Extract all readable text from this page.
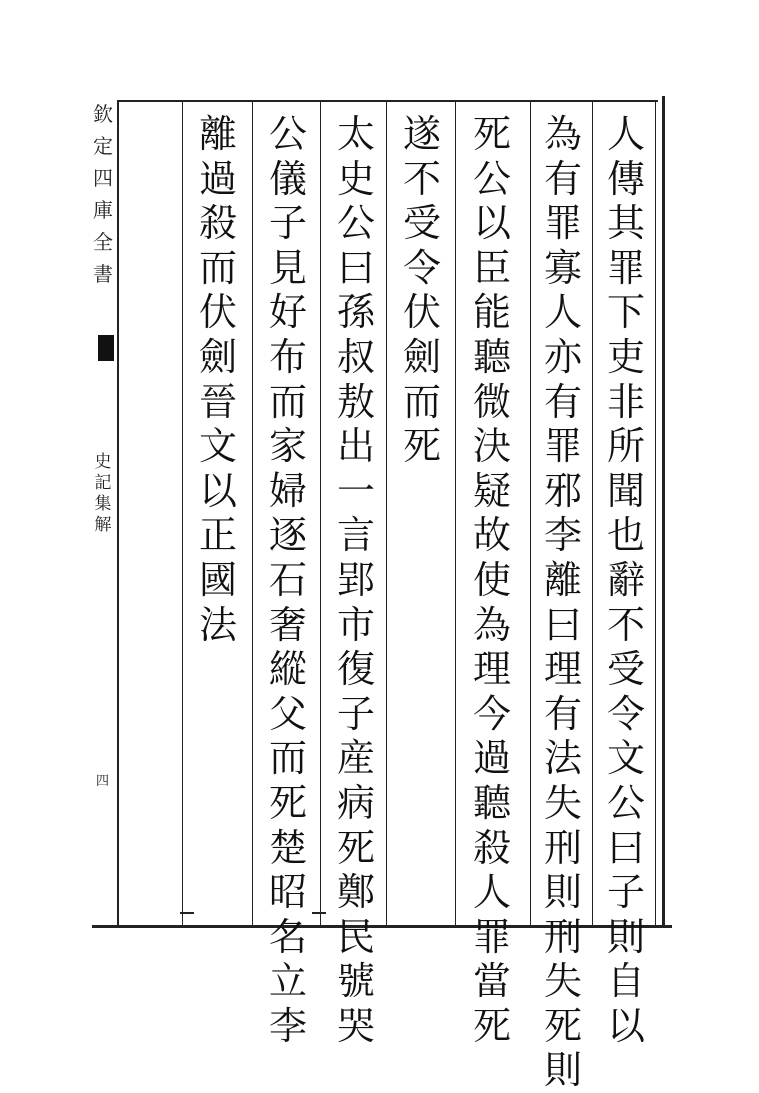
欽
定
四
庫
全
書
史
記
集
解
四
人
傳
其
罪
下
吏
非
所
聞
也
辭
不
受
令
文
公
曰
子
則
自
以
為
有
罪
寡
人
亦
有
罪
邪
李
離
曰
理
有
法
失
刑
則
刑
失
死
則
死
公
以
臣
能
聽
微
決
疑
故
使
為
理
今
過
聽
殺
人
罪
當
死
遂
不
受
令
伏
劍
而
死
太
史
公
曰
孫
叔
敖
出
一
言
郢
市
復
子
産
病
死
鄭
民
號
哭
公
儀
子
見
好
布
而
家
婦
逐
石
奢
縱
父
而
死
楚
昭
名
立
李
離
過
殺
而
伏
劍
晉
文
以
正
國
法
